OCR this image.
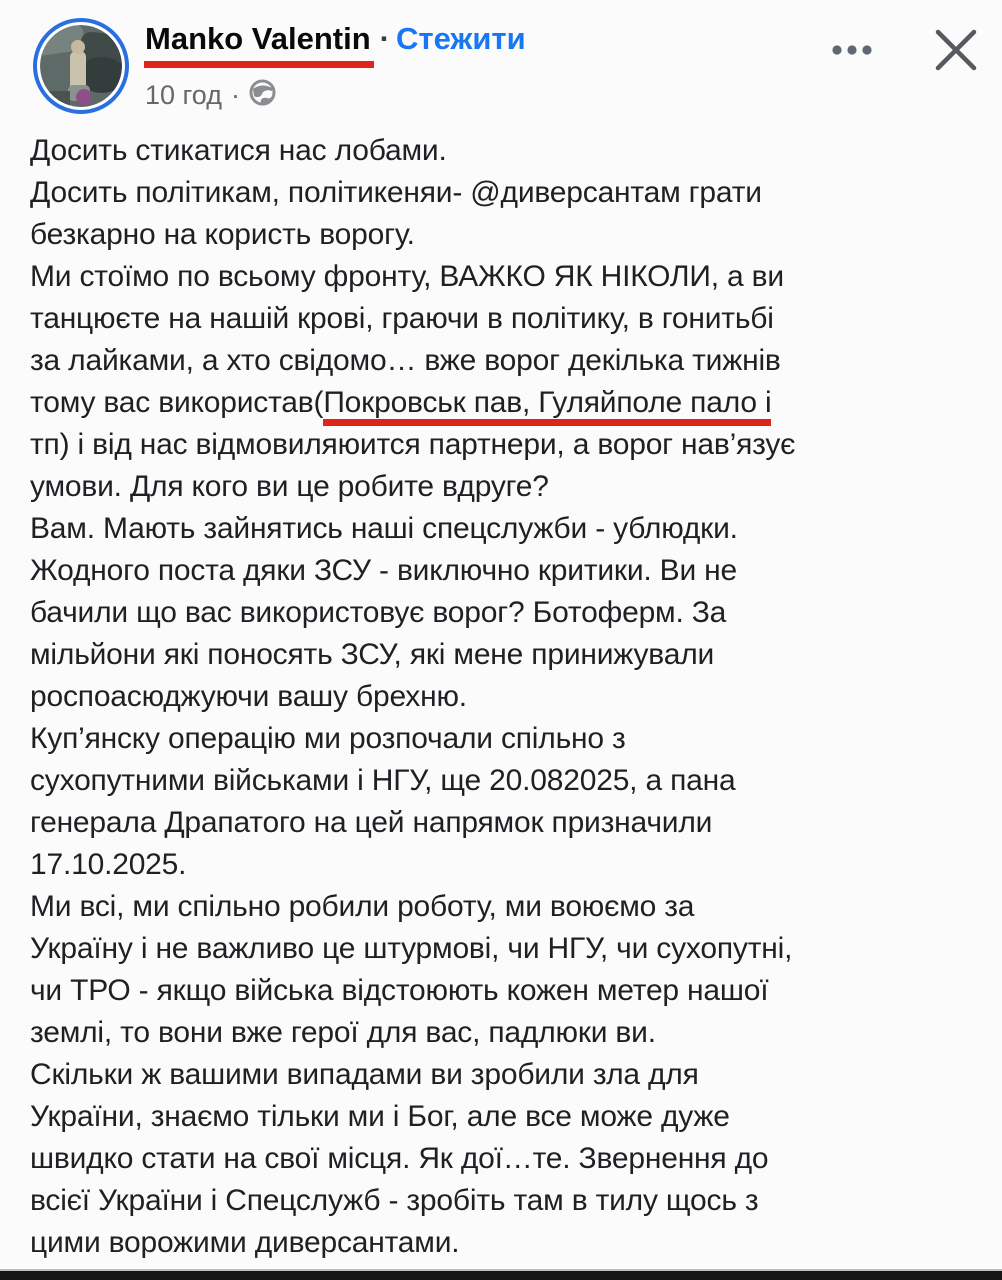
Manko Valentin · Стежити
10 год ·
Досить стикатися нас лобами.
Досить політикам, політикеняи- @диверсантам грати
безкарно на користь ворогу.
Ми стоїмо по всьому фронту, ВАЖКО ЯК НІКОЛИ, а ви
танцюєте на нашій крові, граючи в політику, в гонитьбі
за лайками, а хто свідомо… вже ворог декілька тижнів
тому вас використав(Покровськ пав, Гуляйполе пало і
тп) і від нас відмовиляюится партнери, а ворог нав’язує
умови. Для кого ви це робите вдруге?
Вам. Мають зайнятись наші спецслужби - ублюдки.
Жодного поста дяки ЗСУ - виключно критики. Ви не
бачили що вас використовує ворог? Ботоферм. За
мільйони які поносять ЗСУ, які мене принижували
роспоасюджуючи вашу брехню.
Куп’янску операцію ми розпочали спільно з
сухопутними військами і НГУ, ще 20.082025, а пана
генерала Драпатого на цей напрямок призначили
17.10.2025.
Ми всі, ми спільно робили роботу, ми воюємо за
Україну і не важливо це штурмові, чи НГУ, чи сухопутні,
чи ТРО - якщо війська відстоюють кожен метер нашої
землі, то вони вже герої для вас, падлюки ви.
Скільки ж вашими випадами ви зробили зла для
України, знаємо тільки ми і Бог, але все може дуже
швидко стати на свої місця. Як дої…те. Звернення до
всієї України і Спецслужб - зробіть там в тилу щось з
цими ворожими диверсантами.
